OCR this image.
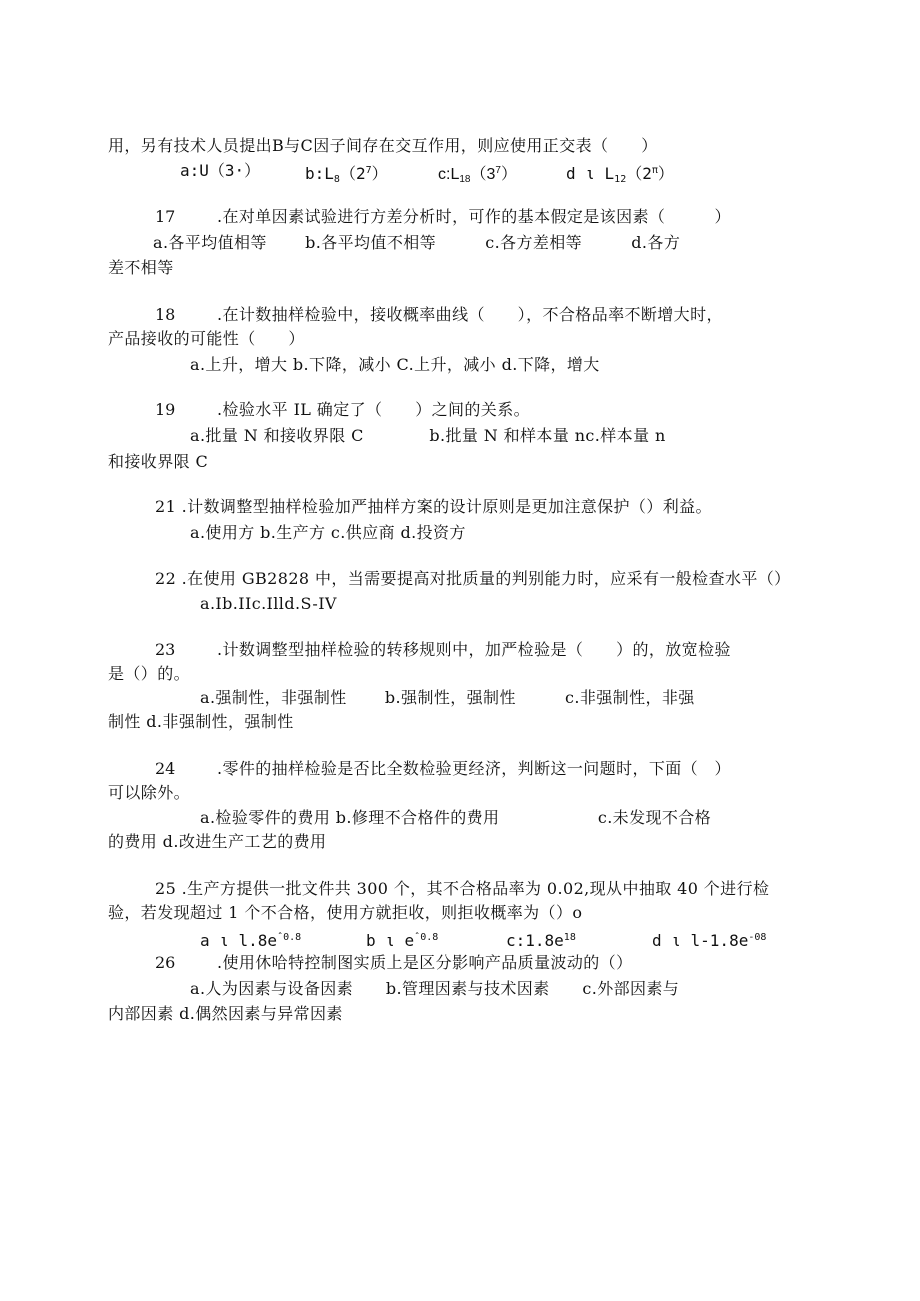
用，另有技术人员提出B与C因子间存在交互作用，则应使用正交表（　　）
a:U（3·）	$b:L_8(2^7)$	$c:L_{18}(3^7)$	d ι $L_{12}(2^\pi)$
17	.在对单因素试验进行方差分析时，可作的基本假定是该因素（　　　）
a.各平均值相等　　 b.各平均值不相等　　　c.各方差相等　　　d.各方
差不相等
18	.在计数抽样检验中，接收概率曲线（　　），不合格品率不断增大时，
产品接收的可能性（　　）
a.上升，增大 b.下降，减小 C.上升，减小 d.下降，增大
19	.检验水平 IL 确定了（　　）之间的关系。
a.批量 N 和接收界限 C　　　　b.批量 N 和样本量 nc.样本量 n
和接收界限 C
21 .计数调整型抽样检验加严抽样方案的设计原则是更加注意保护（）利益。
a.使用方 b.生产方 c.供应商 d.投资方
22 .在使用 GB2828 中，当需要提高对批质量的判别能力时，应采有一般检查水平（）
a.Ib.IIc.Illd.S-IV
23	.计数调整型抽样检验的转移规则中，加严检验是（　　）的，放宽检验
是（）的。
a.强制性，非强制性　　 b.强制性，强制性　　　c.非强制性，非强
制性 d.非强制性，强制性
24	.零件的抽样检验是否比全数检验更经济，判断这一问题时，下面（　）
可以除外。
a.检验零件的费用 b.修理不合格件的费用　　　　　　c.未发现不合格
的费用 d.改进生产工艺的费用
25 .生产方提供一批文件共 300 个，其不合格品率为 0.02,现从中抽取 40 个进行检
验，若发现超过 1 个不合格，使用方就拒收，则拒收概率为（）o
a ι $l.8e^{ˆ0.8}$	b ι $e^{ˆ0.8}$	$c:1.8e^{18}$	d ι $l-1.8e^{-08}$
26	.使用休哈特控制图实质上是区分影响产品质量波动的（）
a.人为因素与设备因素　　b.管理因素与技术因素　　c.外部因素与
内部因素 d.偶然因素与异常因素
